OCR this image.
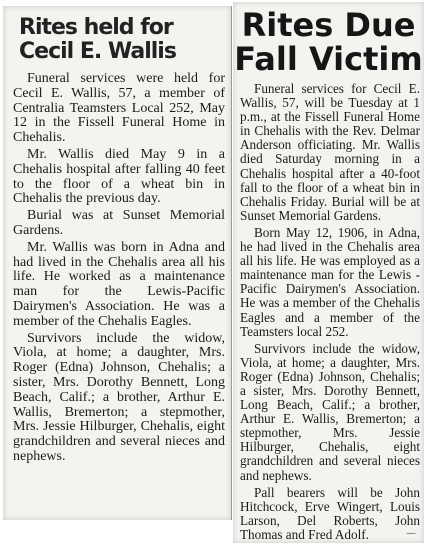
Rites held for
Cecil E. Wallis

Funeral services were held for Cecil E. Wallis, 57, a member of Centralia Teamsters Local 252, May 12 in the Fissell Funeral Home in Chehalis.

Mr. Wallis died May 9 in a Chehalis hospital after falling 40 feet to the floor of a wheat bin in Chehalis the previous day.

Burial was at Sunset Memorial Gardens.

Mr. Wallis was born in Adna and had lived in the Chehalis area all his life. He worked as a maintenance man for the Lewis-Pacific Dairymen's Association. He was a member of the Chehalis Eagles.

Survivors include the widow, Viola, at home; a daughter, Mrs. Roger (Edna) Johnson, Chehalis; a sister, Mrs. Dorothy Bennett, Long Beach, Calif.; a brother, Arthur E. Wallis, Bremerton; a stepmother, Mrs. Jessie Hilburger, Chehalis, eight grandchildren and several nieces and nephews.

Rites Due
Fall Victim

Funeral services for Cecil E. Wallis, 57, will be Tuesday at 1 p.m., at the Fissell Funeral Home in Chehalis with the Rev. Delmar Anderson officiating. Mr. Wallis died Saturday morning in a Chehalis hospital after a 40-foot fall to the floor of a wheat bin in Chehalis Friday. Burial will be at Sunset Memorial Gardens.

Born May 12, 1906, in Adna, he had lived in the Chehalis area all his life. He was employed as a maintenance man for the Lewis - Pacific Dairymen's Association. He was a member of the Chehalis Eagles and a member of the Teamsters local 252.

Survivors include the widow, Viola, at home; a daughter, Mrs. Roger (Edna) Johnson, Chehalis; a sister, Mrs. Dorothy Bennett, Long Beach, Calif.; a brother, Arthur E. Wallis, Bremerton; a stepmother, Mrs. Jessie Hilburger, Chehalis, eight grandchildren and several nieces and nephews.

Pall bearers will be John Hitchcock, Erve Wingert, Louis Larson, Del Roberts, John Thomas and Fred Adolf.	—
